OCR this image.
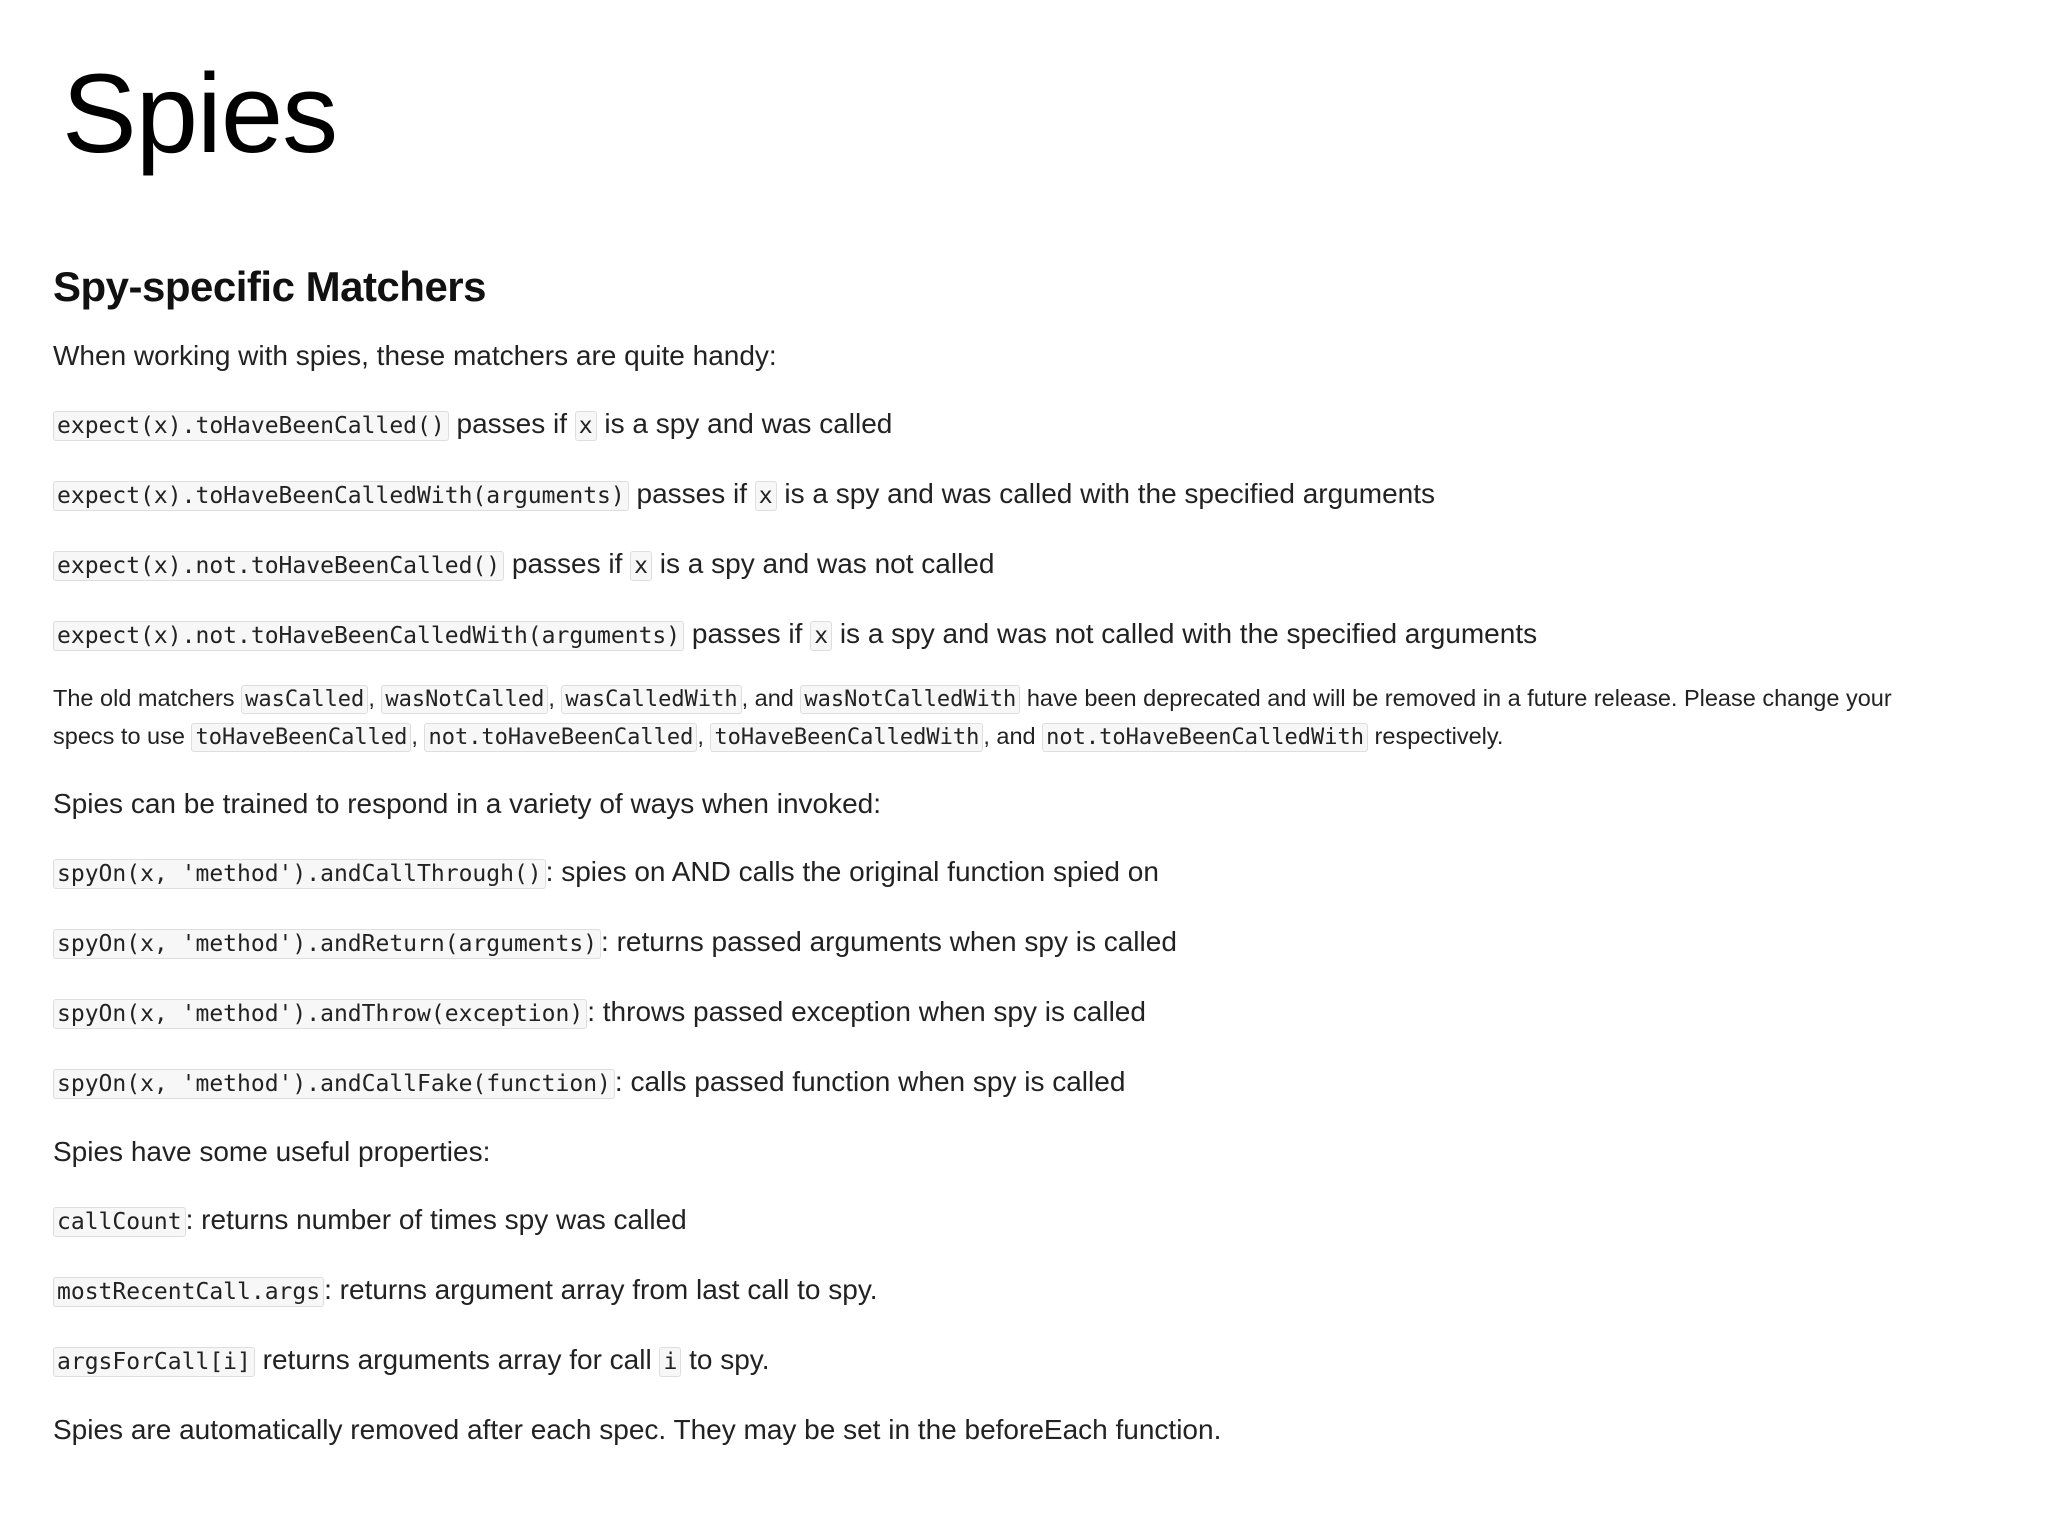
Spies
Spy-specific Matchers

When working with spies, these matchers are quite handy:

expect(x).toHaveBeenCalled() passes if x is a spy and was called

expect(x).toHaveBeenCalledWith(arguments) passes if x is a spy and was called with the specified arguments

expect(x).not.toHaveBeenCalled() passes if x is a spy and was not called

expect(x).not.toHaveBeenCalledWith(arguments) passes if x is a spy and was not called with the specified arguments

The old matchers wasCalled , wasNotCalled , wasCalledWith , and wasNotCalledWith have been deprecated and will be removed in a future release. Please change your specs to use toHaveBeenCalled , not.toHaveBeenCalled , toHaveBeenCalledWith , and not.toHaveBeenCalledWith respectively.

Spies can be trained to respond in a variety of ways when invoked:

spyOn(x, 'method').andCallThrough() : spies on AND calls the original function spied on

spyOn(x, 'method').andReturn(arguments) : returns passed arguments when spy is called

spyOn(x, 'method').andThrow(exception) : throws passed exception when spy is called

spyOn(x, 'method').andCallFake(function) : calls passed function when spy is called

Spies have some useful properties:

callCount : returns number of times spy was called

mostRecentCall.args : returns argument array from last call to spy.

argsForCall[i] returns arguments array for call i to spy.

Spies are automatically removed after each spec. They may be set in the beforeEach function.
